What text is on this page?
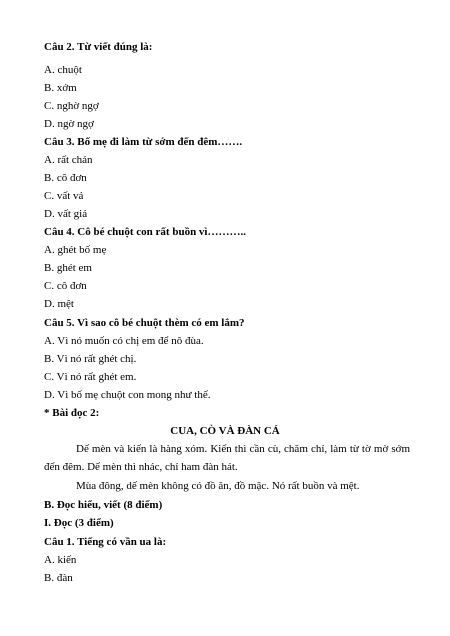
Câu 2. Từ viết đúng là:
A. chuột
B. xớm
C. nghờ ngợ
D. ngờ ngợ
Câu 3. Bố mẹ đi làm từ sớm đến đêm…….
A. rất chán
B. cô đơn
C. vất vả
D. vất giả
Câu 4. Cô bé chuột con rất buồn vì………..
A. ghét bố mẹ
B. ghét em
C. cô đơn
D. mệt
Câu 5. Vì sao cô bé chuột thèm có em lắm?
A. Vì nó muốn có chị em để nô đùa.
B. Vì nó rất ghét chị.
C. Vì nó rất ghét em.
D. Vì bố mẹ chuột con mong như thế.
* Bài đọc 2:
CUA, CÒ VÀ ĐÀN CÁ
Dế mèn và kiến là hàng xóm. Kiến thì cần cù, chăm chỉ, làm từ tờ mờ sớm đến đêm. Dế mèn thì nhác, chỉ ham đàn hát.
Mùa đông, dế mèn không có đồ ăn, đồ mặc. Nó rất buồn và mệt.
B. Đọc hiểu, viết (8 điểm)
I. Đọc (3 điểm)
Câu 1. Tiếng có vần ua là:
A. kiến
B. đàn
